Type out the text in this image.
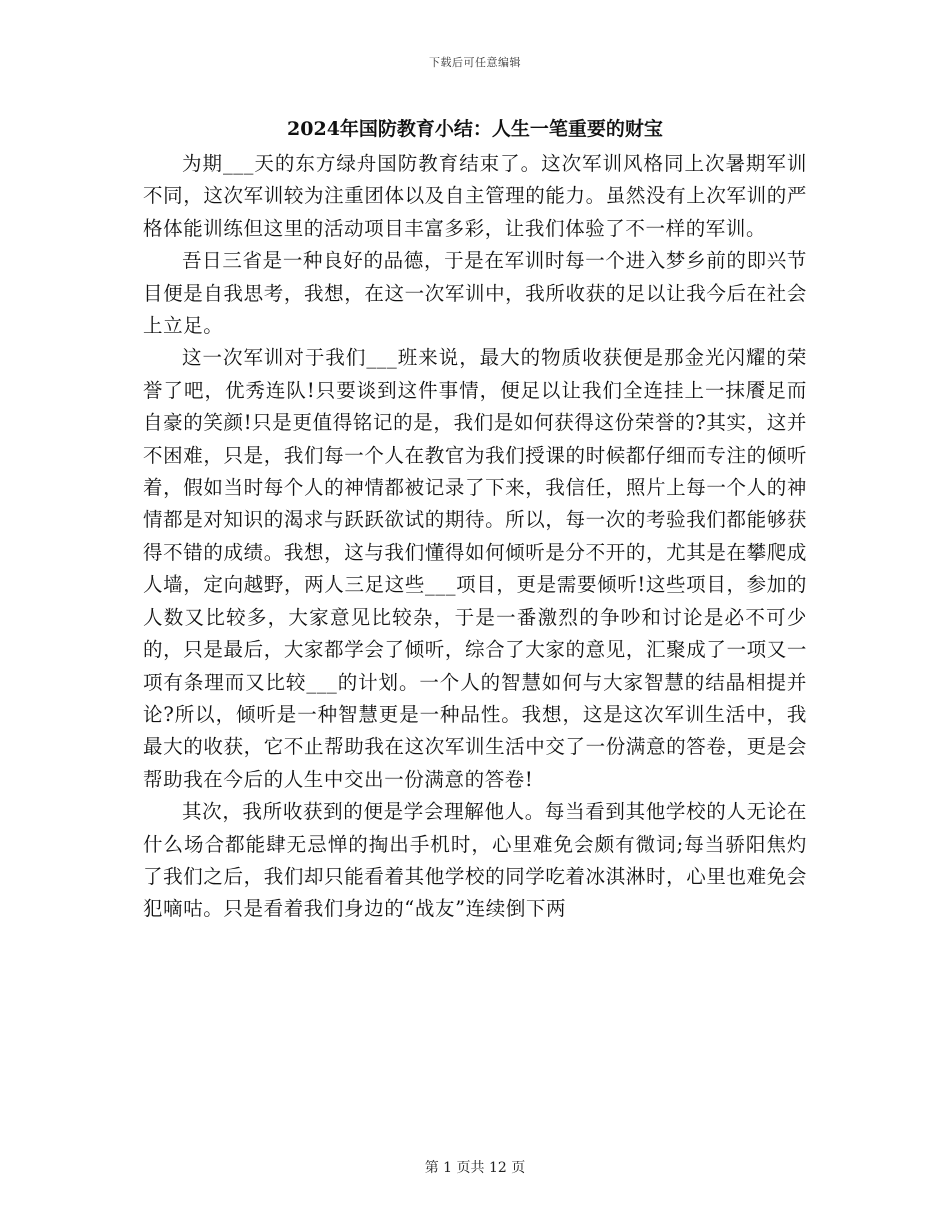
下载后可任意编辑
2024年国防教育小结：人生一笔重要的财宝

为期___天的东方绿舟国防教育结束了。这次军训风格同上次暑期军训不同，这次军训较为注重团体以及自主管理的能力。虽然没有上次军训的严格体能训练但这里的活动项目丰富多彩，让我们体验了不一样的军训。

吾日三省是一种良好的品德，于是在军训时每一个进入梦乡前的即兴节目便是自我思考，我想，在这一次军训中，我所收获的足以让我今后在社会上立足。

这一次军训对于我们___班来说，最大的物质收获便是那金光闪耀的荣誉了吧，优秀连队!只要谈到这件事情，便足以让我们全连挂上一抹餍足而自豪的笑颜!只是更值得铭记的是，我们是如何获得这份荣誉的?其实，这并不困难，只是，我们每一个人在教官为我们授课的时候都仔细而专注的倾听着，假如当时每个人的神情都被记录了下来，我信任，照片上每一个人的神情都是对知识的渴求与跃跃欲试的期待。所以，每一次的考验我们都能够获得不错的成绩。我想，这与我们懂得如何倾听是分不开的，尤其是在攀爬成人墙，定向越野，两人三足这些___项目，更是需要倾听!这些项目，参加的人数又比较多，大家意见比较杂，于是一番激烈的争吵和讨论是必不可少的，只是最后，大家都学会了倾听，综合了大家的意见，汇聚成了一项又一项有条理而又比较___的计划。一个人的智慧如何与大家智慧的结晶相提并论?所以，倾听是一种智慧更是一种品性。我想，这是这次军训生活中，我最大的收获，它不止帮助我在这次军训生活中交了一份满意的答卷，更是会帮助我在今后的人生中交出一份满意的答卷!

其次，我所收获到的便是学会理解他人。每当看到其他学校的人无论在什么场合都能肆无忌惮的掏出手机时，心里难免会颇有微词;每当骄阳焦灼了我们之后，我们却只能看着其他学校的同学吃着冰淇淋时，心里也难免会犯嘀咕。只是看着我们身边的“战友”连续倒下两

第 1 页共 12 页
